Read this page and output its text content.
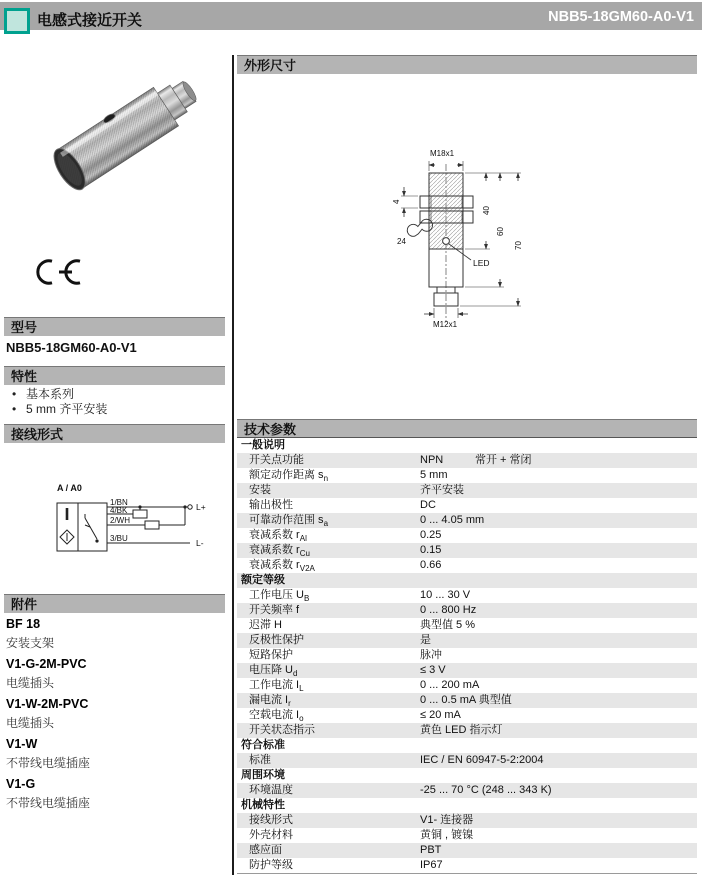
电感式接近开关	NBB5-18GM60-A0-V1
型号
NBB5-18GM60-A0-V1
特性
• 基本系列
• 5 mm 齐平安装
接线形式
A / A0
1/BN
4/BK
2/WH
3/BU
L+
L-
附件
BF 18
安装支架
V1-G-2M-PVC
电缆插头
V1-W-2M-PVC
电缆插头
V1-W
不带线电缆插座
V1-G
不带线电缆插座
外形尺寸
M18x1
4
24
LED
40
60
70
M12x1
技术参数
一般说明
开关点功能	NPN	常开 + 常闭
额定动作距离 $s_n$	5 mm
安装	齐平安装
输出极性	DC
可靠动作范围 $s_a$	0 ... 4.05 mm
衰减系数 $r_{Al}$	0.25
衰减系数 $r_{Cu}$	0.15
衰减系数 $r_{V2A}$	0.66
额定等级
工作电压 $U_B$	10 ... 30 V
开关频率 f	0 ... 800 Hz
迟滞 H	典型值 5 %
反极性保护	是
短路保护	脉冲
电压降 $U_d$	≤ 3 V
工作电流 $I_L$	0 ... 200 mA
漏电流 $I_r$	0 ... 0.5 mA 典型值
空载电流 $I_o$	≤ 20 mA
开关状态指示	黄色 LED 指示灯
符合标准
标准	IEC / EN 60947-5-2:2004
周围环境
环境温度	-25 ... 70 °C (248 ... 343 K)
机械特性
接线形式	V1- 连接器
外壳材料	黄铜 , 镀镍
感应面	PBT
防护等级	IP67
